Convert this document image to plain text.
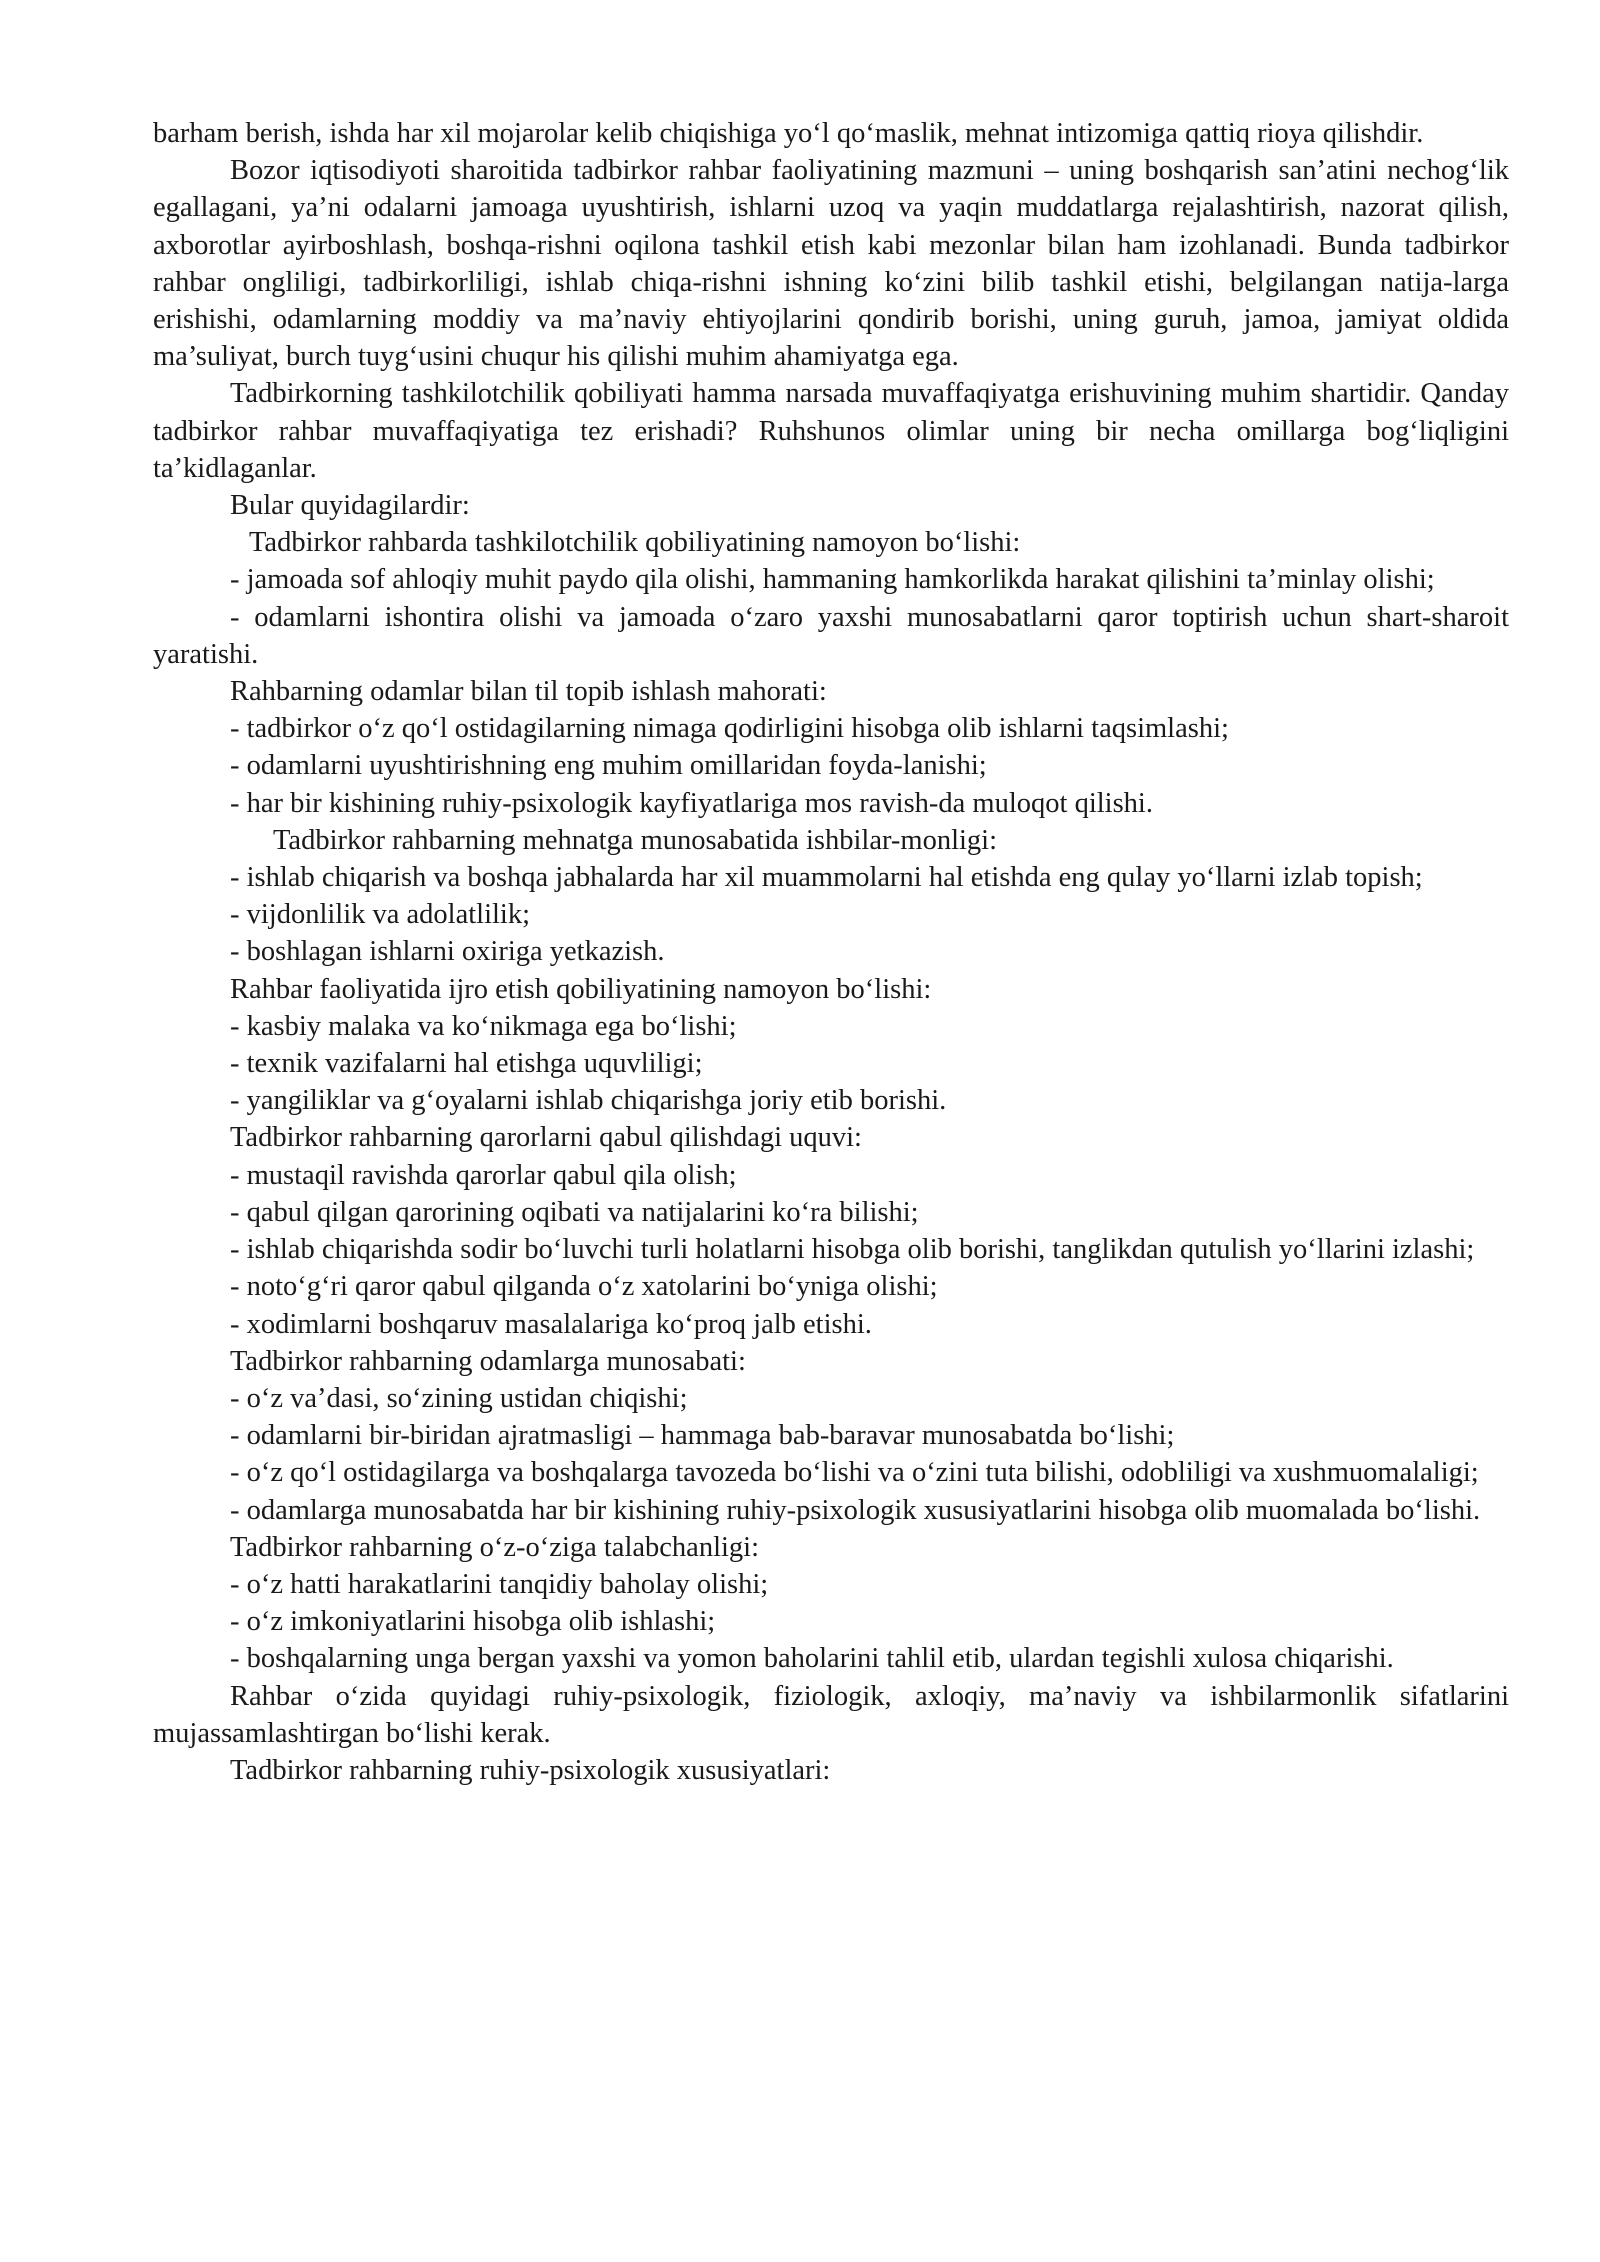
barham berish, ishda har xil mojarolar kelib chiqishiga yo‘l qo‘maslik, mehnat intizomiga qattiq rioya qilishdir.

Bozor iqtisodiyoti sharoitida tadbirkor rahbar faoliyatining mazmuni – uning boshqarish san’atini nechog‘lik egallagani, ya’ni odalarni jamoaga uyushtirish, ishlarni uzoq va yaqin muddatlarga rejalashtirish, nazorat qilish, axborotlar ayirboshlash, boshqa-rishni oqilona tashkil etish kabi mezonlar bilan ham izohlanadi. Bunda tadbirkor rahbar ongliligi, tadbirkorliligi, ishlab chiqa-rishni ishning ko‘zini bilib tashkil etishi, belgilangan natija-larga erishishi, odamlarning moddiy va ma’naviy ehtiyojlarini qondirib borishi, uning guruh, jamoa, jamiyat oldida ma’suliyat, burch tuyg‘usini chuqur his qilishi muhim ahamiyatga ega.

Tadbirkorning tashkilotchilik qobiliyati hamma narsada muvaffaqiyatga erishuvining muhim shartidir. Qanday tadbirkor rahbar muvaffaqiyatiga tez erishadi? Ruhshunos olimlar uning bir necha omillarga bog‘liqligini ta’kidlaganlar.

Bular quyidagilardir:

Tadbirkor rahbarda tashkilotchilik qobiliyatining namoyon bo‘lishi:

- jamoada sof ahloqiy muhit paydo qila olishi, hammaning hamkorlikda harakat qilishini ta’minlay olishi;

- odamlarni ishontira olishi va jamoada o‘zaro yaxshi munosabatlarni qaror toptirish uchun shart-sharoit yaratishi.

Rahbarning odamlar bilan til topib ishlash mahorati:

- tadbirkor o‘z qo‘l ostidagilarning nimaga qodirligini hisobga olib ishlarni taqsimlashi;

- odamlarni uyushtirishning eng muhim omillaridan foyda-lanishi;

- har bir kishining ruhiy-psixologik kayfiyatlariga mos ravish-da muloqot qilishi.

Tadbirkor rahbarning mehnatga munosabatida ishbilar-monligi:

- ishlab chiqarish va boshqa jabhalarda har xil muammolarni hal etishda eng qulay yo‘llarni izlab topish;

- vijdonlilik va adolatlilik;

- boshlagan ishlarni oxiriga yetkazish.

Rahbar faoliyatida ijro etish qobiliyatining namoyon bo‘lishi:

- kasbiy malaka va ko‘nikmaga ega bo‘lishi;

- texnik vazifalarni hal etishga uquvliligi;

- yangiliklar va g‘oyalarni ishlab chiqarishga joriy etib borishi.

Tadbirkor rahbarning qarorlarni qabul qilishdagi uquvi:

- mustaqil ravishda qarorlar qabul qila olish;

- qabul qilgan qarorining oqibati va natijalarini ko‘ra bilishi;

- ishlab chiqarishda sodir bo‘luvchi turli holatlarni hisobga olib borishi, tanglikdan qutulish yo‘llarini izlashi;

- noto‘g‘ri qaror qabul qilganda o‘z xatolarini bo‘yniga olishi;

- xodimlarni boshqaruv masalalariga ko‘proq jalb etishi.

Tadbirkor rahbarning odamlarga munosabati:

- o‘z va’dasi, so‘zining ustidan chiqishi;

- odamlarni bir-biridan ajratmasligi – hammaga bab-baravar munosabatda bo‘lishi;

- o‘z qo‘l ostidagilarga va boshqalarga tavozeda bo‘lishi va o‘zini tuta bilishi, odobliligi va xushmuomalaligi;

- odamlarga munosabatda har bir kishining ruhiy-psixologik xususiyatlarini hisobga olib muomalada bo‘lishi.

Tadbirkor rahbarning o‘z-o‘ziga talabchanligi:

- o‘z hatti harakatlarini tanqidiy baholay olishi;

- o‘z imkoniyatlarini hisobga olib ishlashi;

- boshqalarning unga bergan yaxshi va yomon baholarini tahlil etib, ulardan tegishli xulosa chiqarishi.

Rahbar o‘zida quyidagi ruhiy-psixologik, fiziologik, axloqiy, ma’naviy va ishbilarmonlik sifatlarini mujassamlashtirgan bo‘lishi kerak.

Tadbirkor rahbarning ruhiy-psixologik xususiyatlari:
